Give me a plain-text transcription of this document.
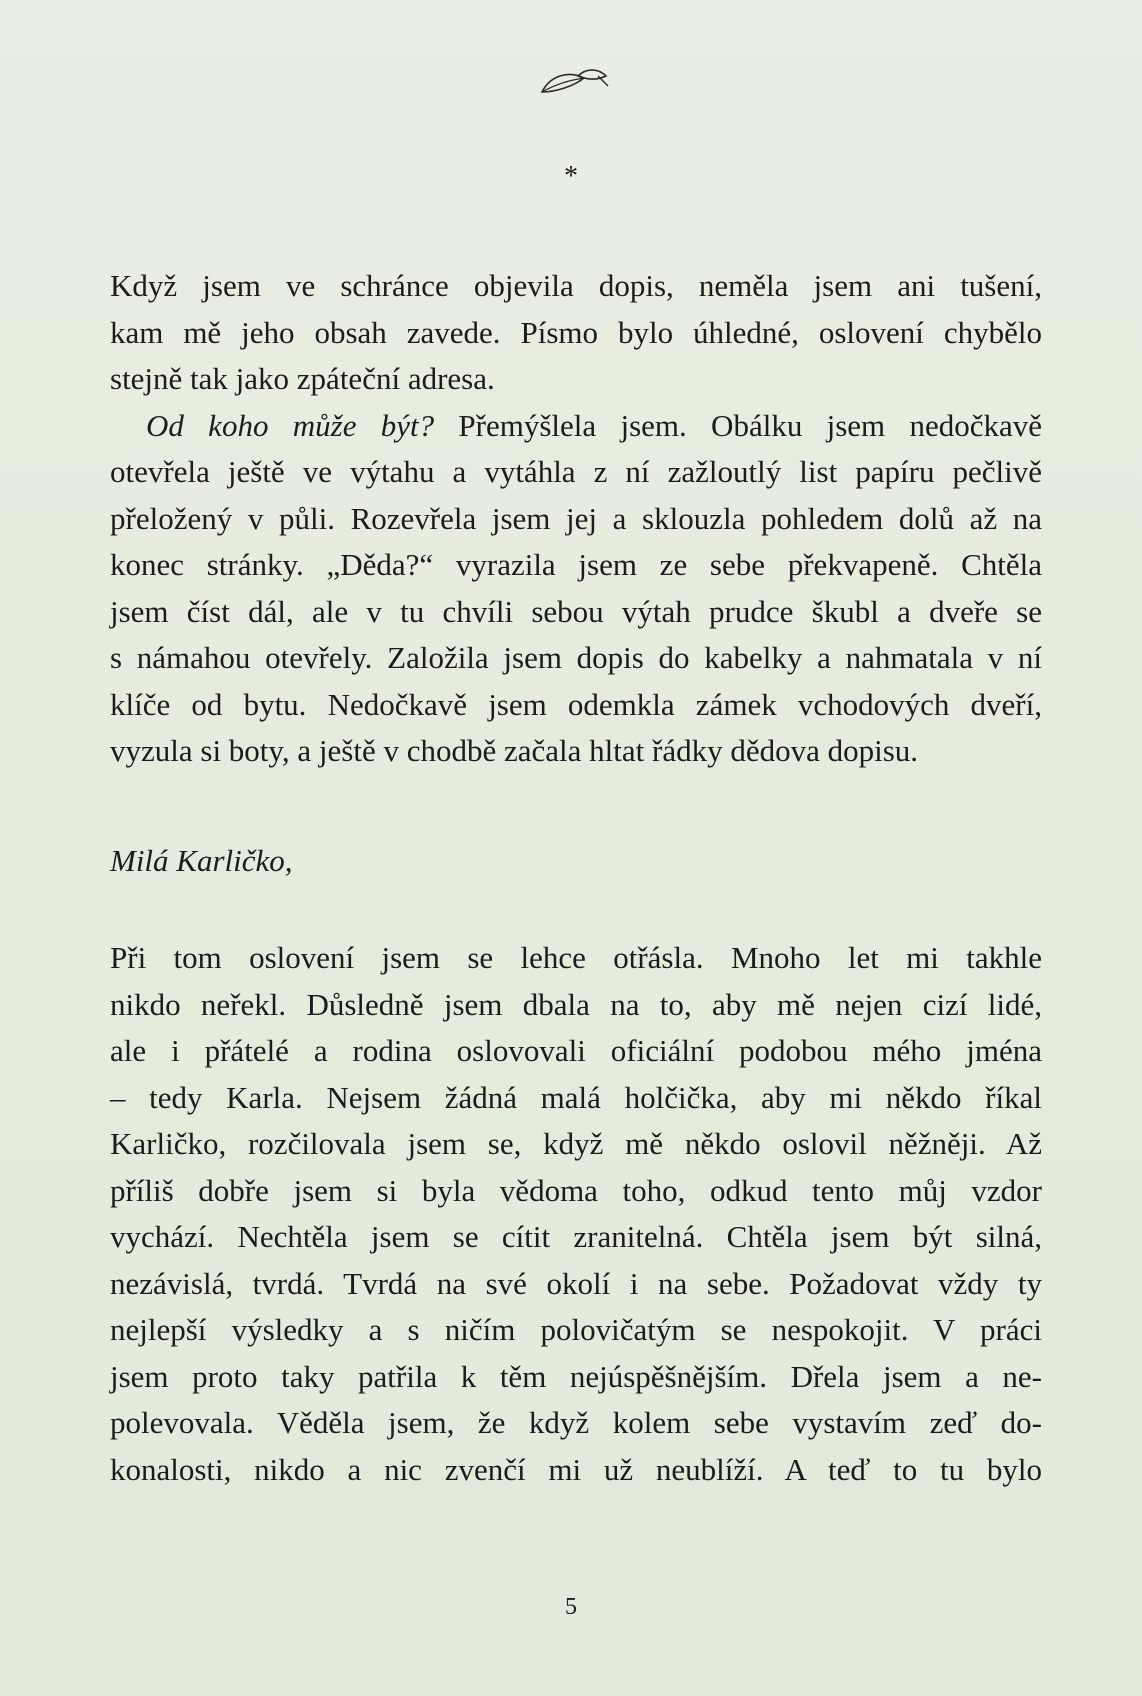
*
Když jsem ve schránce objevila dopis, neměla jsem ani tušení,
kam mě jeho obsah zavede. Písmo bylo úhledné, oslovení chybělo
stejně tak jako zpáteční adresa.
Od koho může být? Přemýšlela jsem. Obálku jsem nedočkavě
otevřela ještě ve výtahu a vytáhla z ní zažloutlý list papíru pečlivě
přeložený v půli. Rozevřela jsem jej a sklouzla pohledem dolů až na
konec stránky. „Děda?“ vyrazila jsem ze sebe překvapeně. Chtěla
jsem číst dál, ale v tu chvíli sebou výtah prudce škubl a dveře se
s námahou otevřely. Založila jsem dopis do kabelky a nahmatala v ní
klíče od bytu. Nedočkavě jsem odemkla zámek vchodových dveří,
vyzula si boty, a ještě v chodbě začala hltat řádky dědova dopisu.
Milá Karličko,
Při tom oslovení jsem se lehce otřásla. Mnoho let mi takhle
nikdo neřekl. Důsledně jsem dbala na to, aby mě nejen cizí lidé,
ale i přátelé a rodina oslovovali oficiální podobou mého jména
– tedy Karla. Nejsem žádná malá holčička, aby mi někdo říkal
Karličko, rozčilovala jsem se, když mě někdo oslovil něžněji. Až
příliš dobře jsem si byla vědoma toho, odkud tento můj vzdor
vychází. Nechtěla jsem se cítit zranitelná. Chtěla jsem být silná,
nezávislá, tvrdá. Tvrdá na své okolí i na sebe. Požadovat vždy ty
nejlepší výsledky a s ničím polovičatým se nespokojit. V práci
jsem proto taky patřila k těm nejúspěšnějším. Dřela jsem a ne-
polevovala. Věděla jsem, že když kolem sebe vystavím zeď do-
konalosti, nikdo a nic zvenčí mi už neublíží. A teď to tu bylo
5
